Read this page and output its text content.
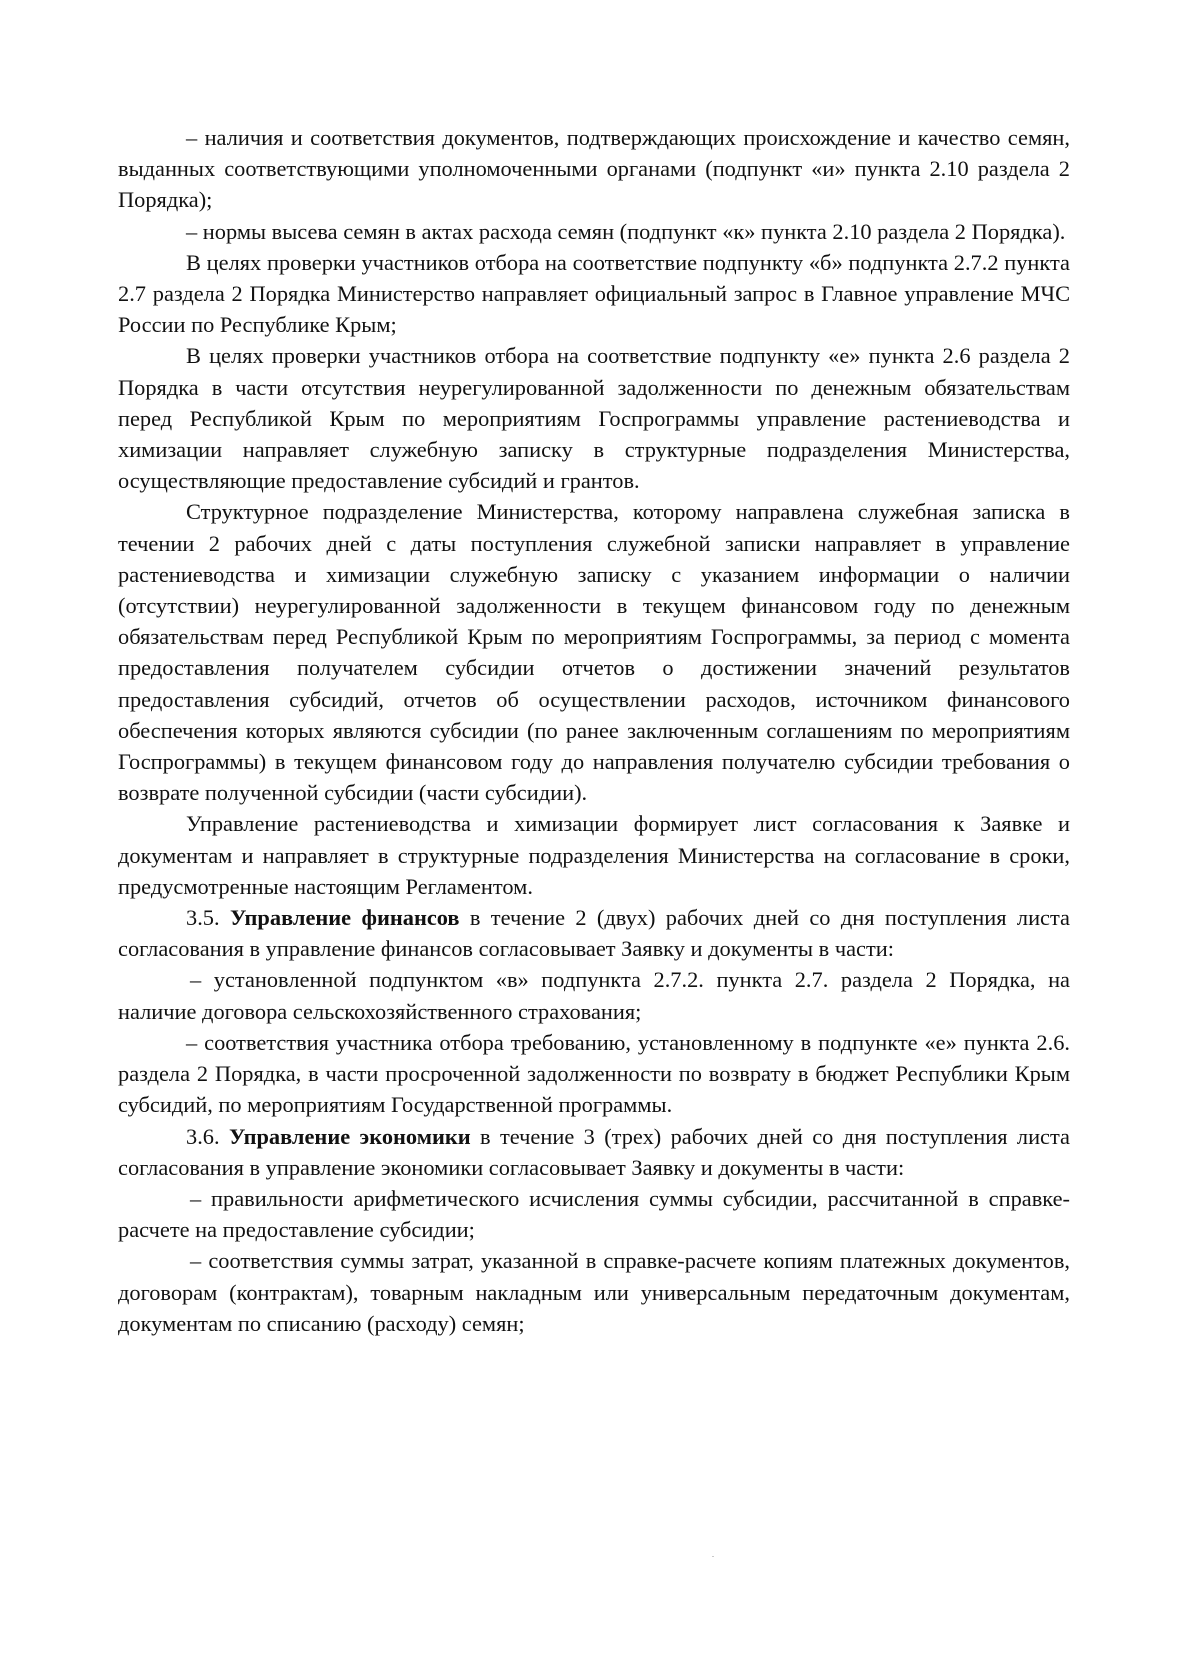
– наличия и соответствия документов, подтверждающих происхождение и качество семян, выданных соответствующими уполномоченными органами (подпункт «и» пункта 2.10 раздела 2 Порядка);

– нормы высева семян в актах расхода семян (подпункт «к» пункта 2.10 раздела 2 Порядка).

В целях проверки участников отбора на соответствие подпункту «б» подпункта 2.7.2 пункта 2.7 раздела 2 Порядка Министерство направляет официальный запрос в Главное управление МЧС России по Республике Крым;

В целях проверки участников отбора на соответствие подпункту «е» пункта 2.6 раздела 2 Порядка в части отсутствия неурегулированной задолженности по денежным обязательствам перед Республикой Крым по мероприятиям Госпрограммы управление растениеводства и химизации направляет служебную записку в структурные подразделения Министерства, осуществляющие предоставление субсидий и грантов.

Структурное подразделение Министерства, которому направлена служебная записка в течении 2 рабочих дней с даты поступления служебной записки направляет в управление растениеводства и химизации служебную записку с указанием информации о наличии (отсутствии) неурегулированной задолженности в текущем финансовом году по денежным обязательствам перед Республикой Крым по мероприятиям Госпрограммы, за период с момента предоставления получателем субсидии отчетов о достижении значений результатов предоставления субсидий, отчетов об осуществлении расходов, источником финансового обеспечения которых являются субсидии (по ранее заключенным соглашениям по мероприятиям Госпрограммы) в текущем финансовом году до направления получателю субсидии требования о возврате полученной субсидии (части субсидии).

Управление растениеводства и химизации формирует лист согласования к Заявке и документам и направляет в структурные подразделения Министерства на согласование в сроки, предусмотренные настоящим Регламентом.

3.5. Управление финансов в течение 2 (двух) рабочих дней со дня поступления листа согласования в управление финансов согласовывает Заявку и документы в части:

– установленной подпунктом «в» подпункта 2.7.2. пункта 2.7. раздела 2 Порядка, на наличие договора сельскохозяйственного страхования;

– соответствия участника отбора требованию, установленному в подпункте «е» пункта 2.6. раздела 2 Порядка, в части просроченной задолженности по возврату в бюджет Республики Крым субсидий, по мероприятиям Государственной программы.

3.6. Управление экономики в течение 3 (трех) рабочих дней со дня поступления листа согласования в управление экономики согласовывает Заявку и документы в части:

– правильности арифметического исчисления суммы субсидии, рассчитанной в справке-расчете на предоставление субсидии;

– соответствия суммы затрат, указанной в справке-расчете копиям платежных документов, договорам (контрактам), товарным накладным или универсальным передаточным документам, документам по списанию (расходу) семян;
